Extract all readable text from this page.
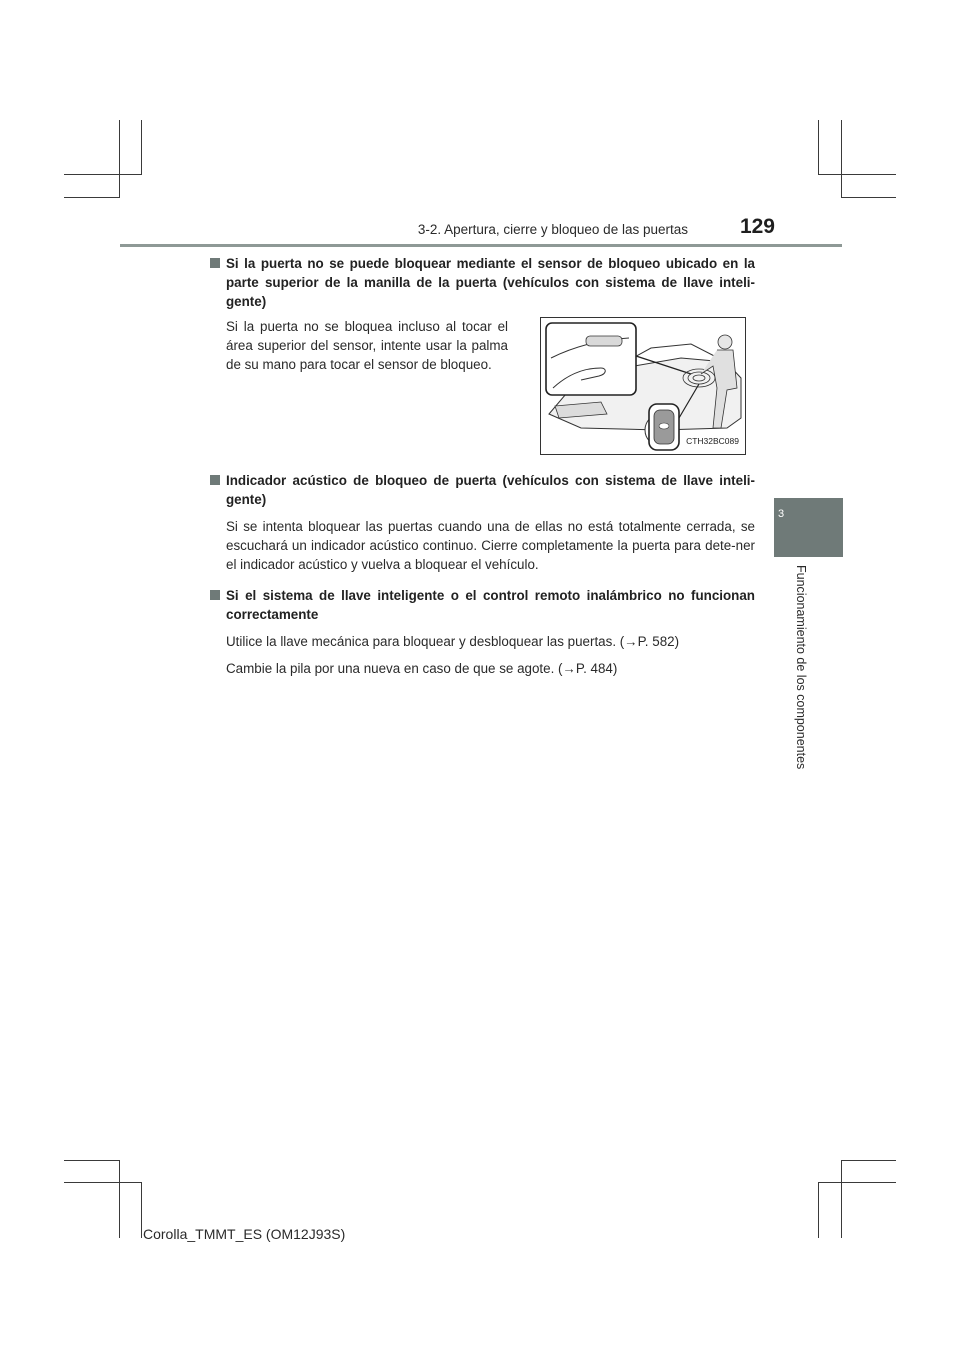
3-2. Apertura, cierre y bloqueo de las puertas	129
3
Funcionamiento de los componentes
Si la puerta no se puede bloquear mediante el sensor de bloqueo ubicado en la parte superior de la manilla de la puerta (vehículos con sistema de llave inteli-gente)
Si la puerta no se bloquea incluso al tocar el área superior del sensor, intente usar la palma de su mano para tocar el sensor de bloqueo.
CTH32BC089
Indicador acústico de bloqueo de puerta (vehículos con sistema de llave inteli-gente)
Si se intenta bloquear las puertas cuando una de ellas no está totalmente cerrada, se escuchará un indicador acústico continuo. Cierre completamente la puerta para dete-ner el indicador acústico y vuelva a bloquear el vehículo.
Si el sistema de llave inteligente o el control remoto inalámbrico no funcionan correctamente
Utilice la llave mecánica para bloquear y desbloquear las puertas. (→P. 582)
Cambie la pila por una nueva en caso de que se agote. (→P. 484)
Corolla_TMMT_ES (OM12J93S)
